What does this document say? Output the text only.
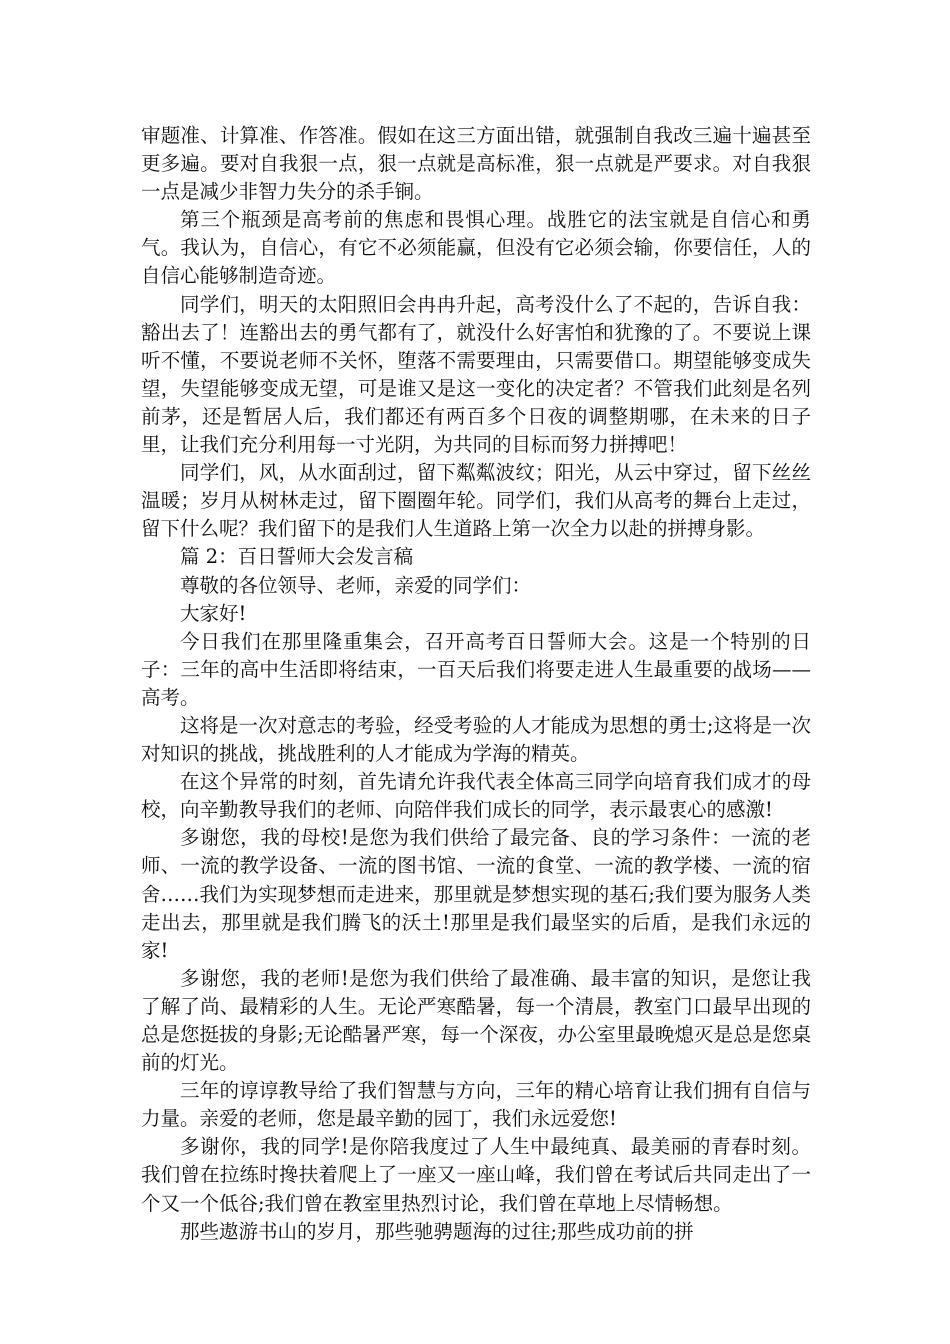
审题准、计算准、作答准。假如在这三方面出错，就强制自我改三遍十遍甚至更多遍。要对自我狠一点，狠一点就是高标准，狠一点就是严要求。对自我狠一点是减少非智力失分的杀手锏。

第三个瓶颈是高考前的焦虑和畏惧心理。战胜它的法宝就是自信心和勇气。我认为，自信心，有它不必须能赢，但没有它必须会输，你要信任，人的自信心能够制造奇迹。

同学们，明天的太阳照旧会冉冉升起，高考没什么了不起的，告诉自我：豁出去了！连豁出去的勇气都有了，就没什么好害怕和犹豫的了。不要说上课听不懂，不要说老师不关怀，堕落不需要理由，只需要借口。期望能够变成失望，失望能够变成无望，可是谁又是这一变化的决定者？不管我们此刻是名列前茅，还是暂居人后，我们都还有两百多个日夜的调整期哪，在未来的日子里，让我们充分利用每一寸光阴，为共同的目标而努力拼搏吧！

同学们，风，从水面刮过，留下粼粼波纹；阳光，从云中穿过，留下丝丝温暖；岁月从树林走过，留下圈圈年轮。同学们，我们从高考的舞台上走过，留下什么呢？我们留下的是我们人生道路上第一次全力以赴的拼搏身影。

篇 2：百日誓师大会发言稿

尊敬的各位领导、老师，亲爱的同学们：

大家好!

今日我们在那里隆重集会，召开高考百日誓师大会。这是一个特别的日子：三年的高中生活即将结束，一百天后我们将要走进人生最重要的战场——高考。

这将是一次对意志的考验，经受考验的人才能成为思想的勇士;这将是一次对知识的挑战，挑战胜利的人才能成为学海的精英。

在这个异常的时刻，首先请允许我代表全体高三同学向培育我们成才的母校，向辛勤教导我们的老师、向陪伴我们成长的同学，表示最衷心的感激!

多谢您，我的母校!是您为我们供给了最完备、良的学习条件：一流的老师、一流的教学设备、一流的图书馆、一流的食堂、一流的教学楼、一流的宿舍……我们为实现梦想而走进来，那里就是梦想实现的基石;我们要为服务人类走出去，那里就是我们腾飞的沃土!那里是我们最坚实的后盾，是我们永远的家!

多谢您，我的老师!是您为我们供给了最准确、最丰富的知识，是您让我了解了尚、最精彩的人生。无论严寒酷暑，每一个清晨，教室门口最早出现的总是您挺拔的身影;无论酷暑严寒，每一个深夜，办公室里最晚熄灭是总是您桌前的灯光。

三年的谆谆教导给了我们智慧与方向，三年的精心培育让我们拥有自信与力量。亲爱的老师，您是最辛勤的园丁，我们永远爱您!

多谢你，我的同学!是你陪我度过了人生中最纯真、最美丽的青春时刻。我们曾在拉练时搀扶着爬上了一座又一座山峰，我们曾在考试后共同走出了一个又一个低谷;我们曾在教室里热烈讨论，我们曾在草地上尽情畅想。

那些遨游书山的岁月，那些驰骋题海的过往;那些成功前的拼
